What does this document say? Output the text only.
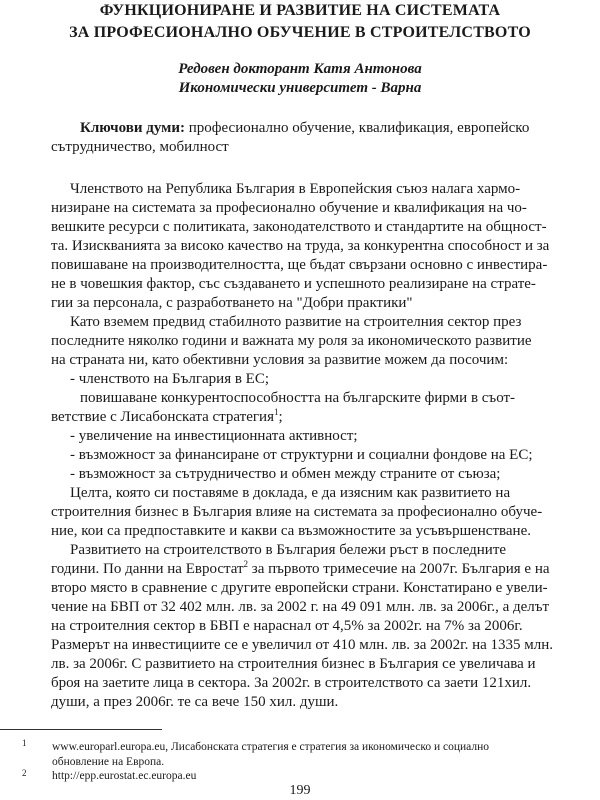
ФУНКЦИОНИРАНЕ И РАЗВИТИЕ НА СИСТЕМАТА
ЗА ПРОФЕСИОНАЛНО ОБУЧЕНИЕ В СТРОИТЕЛСТВОТО
Редовен докторант Катя Антонова
Икономически университет - Варна
Ключови думи: професионално обучение, квалификация, европейско
сътрудничество, мобилност
Членството на Република България в Европейския съюз налага хармо-
низиране на системата за професионално обучение и квалификация на чо-
вешките ресурси с политиката, законодателството и стандартите на общност-
та. Изискванията за високо качество на труда, за конкурентна способност и за
повишаване на производителността, ще бъдат свързани основно с инвестира-
не в човешкия фактор, със създаването и успешното реализиране на страте-
гии за персонала, с разработването на "Добри практики"
Като вземем предвид стабилното развитие на строителния сектор през
последните няколко години и важната му роля за икономическото развитие
на страната ни, като обективни условия за развитие можем да посочим:
- членството на България в ЕС;
повишаване конкурентоспособността на българските фирми в съот-
ветствие с Лисабонската стратегия$^1$;
- увеличение на инвестиционната активност;
- възможност за финансиране от структурни и социални фондове на ЕС;
- възможност за сътрудничество и обмен между страните от съюза;
Целта, която си поставяме в доклада, е да изясним как развитието на
строителния бизнес в България влияе на системата за професионално обуче-
ние, кои са предпоставките и какви са възможностите за усъвършенстване.
Развитието на строителството в България бележи ръст в последните
години. По данни на Евростат$^2$ за първото тримесечие на 2007г. България е на
второ място в сравнение с другите европейски страни. Констатирано е увели-
чение на БВП от 32 402 млн. лв. за 2002 г. на 49 091 млн. лв. за 2006г., а делът
на строителния сектор в БВП е нараснал от 4,5% за 2002г. на 7% за 2006г.
Размерът на инвестициите се е увеличил от 410 млн. лв. за 2002г. на 1335 млн.
лв. за 2006г. С развитието на строителния бизнес в България се увеличава и
броя на заетите лица в сектора. За 2002г. в строителството са заети 121хил.
души, а през 2006г. те са вече 150 хил. души.
1 www.europarl.europa.eu, Лисабонската стратегия е стратегия за икономическо и социално
обновление на Европа.
2 http://epp.eurostat.ec.europa.eu
199
